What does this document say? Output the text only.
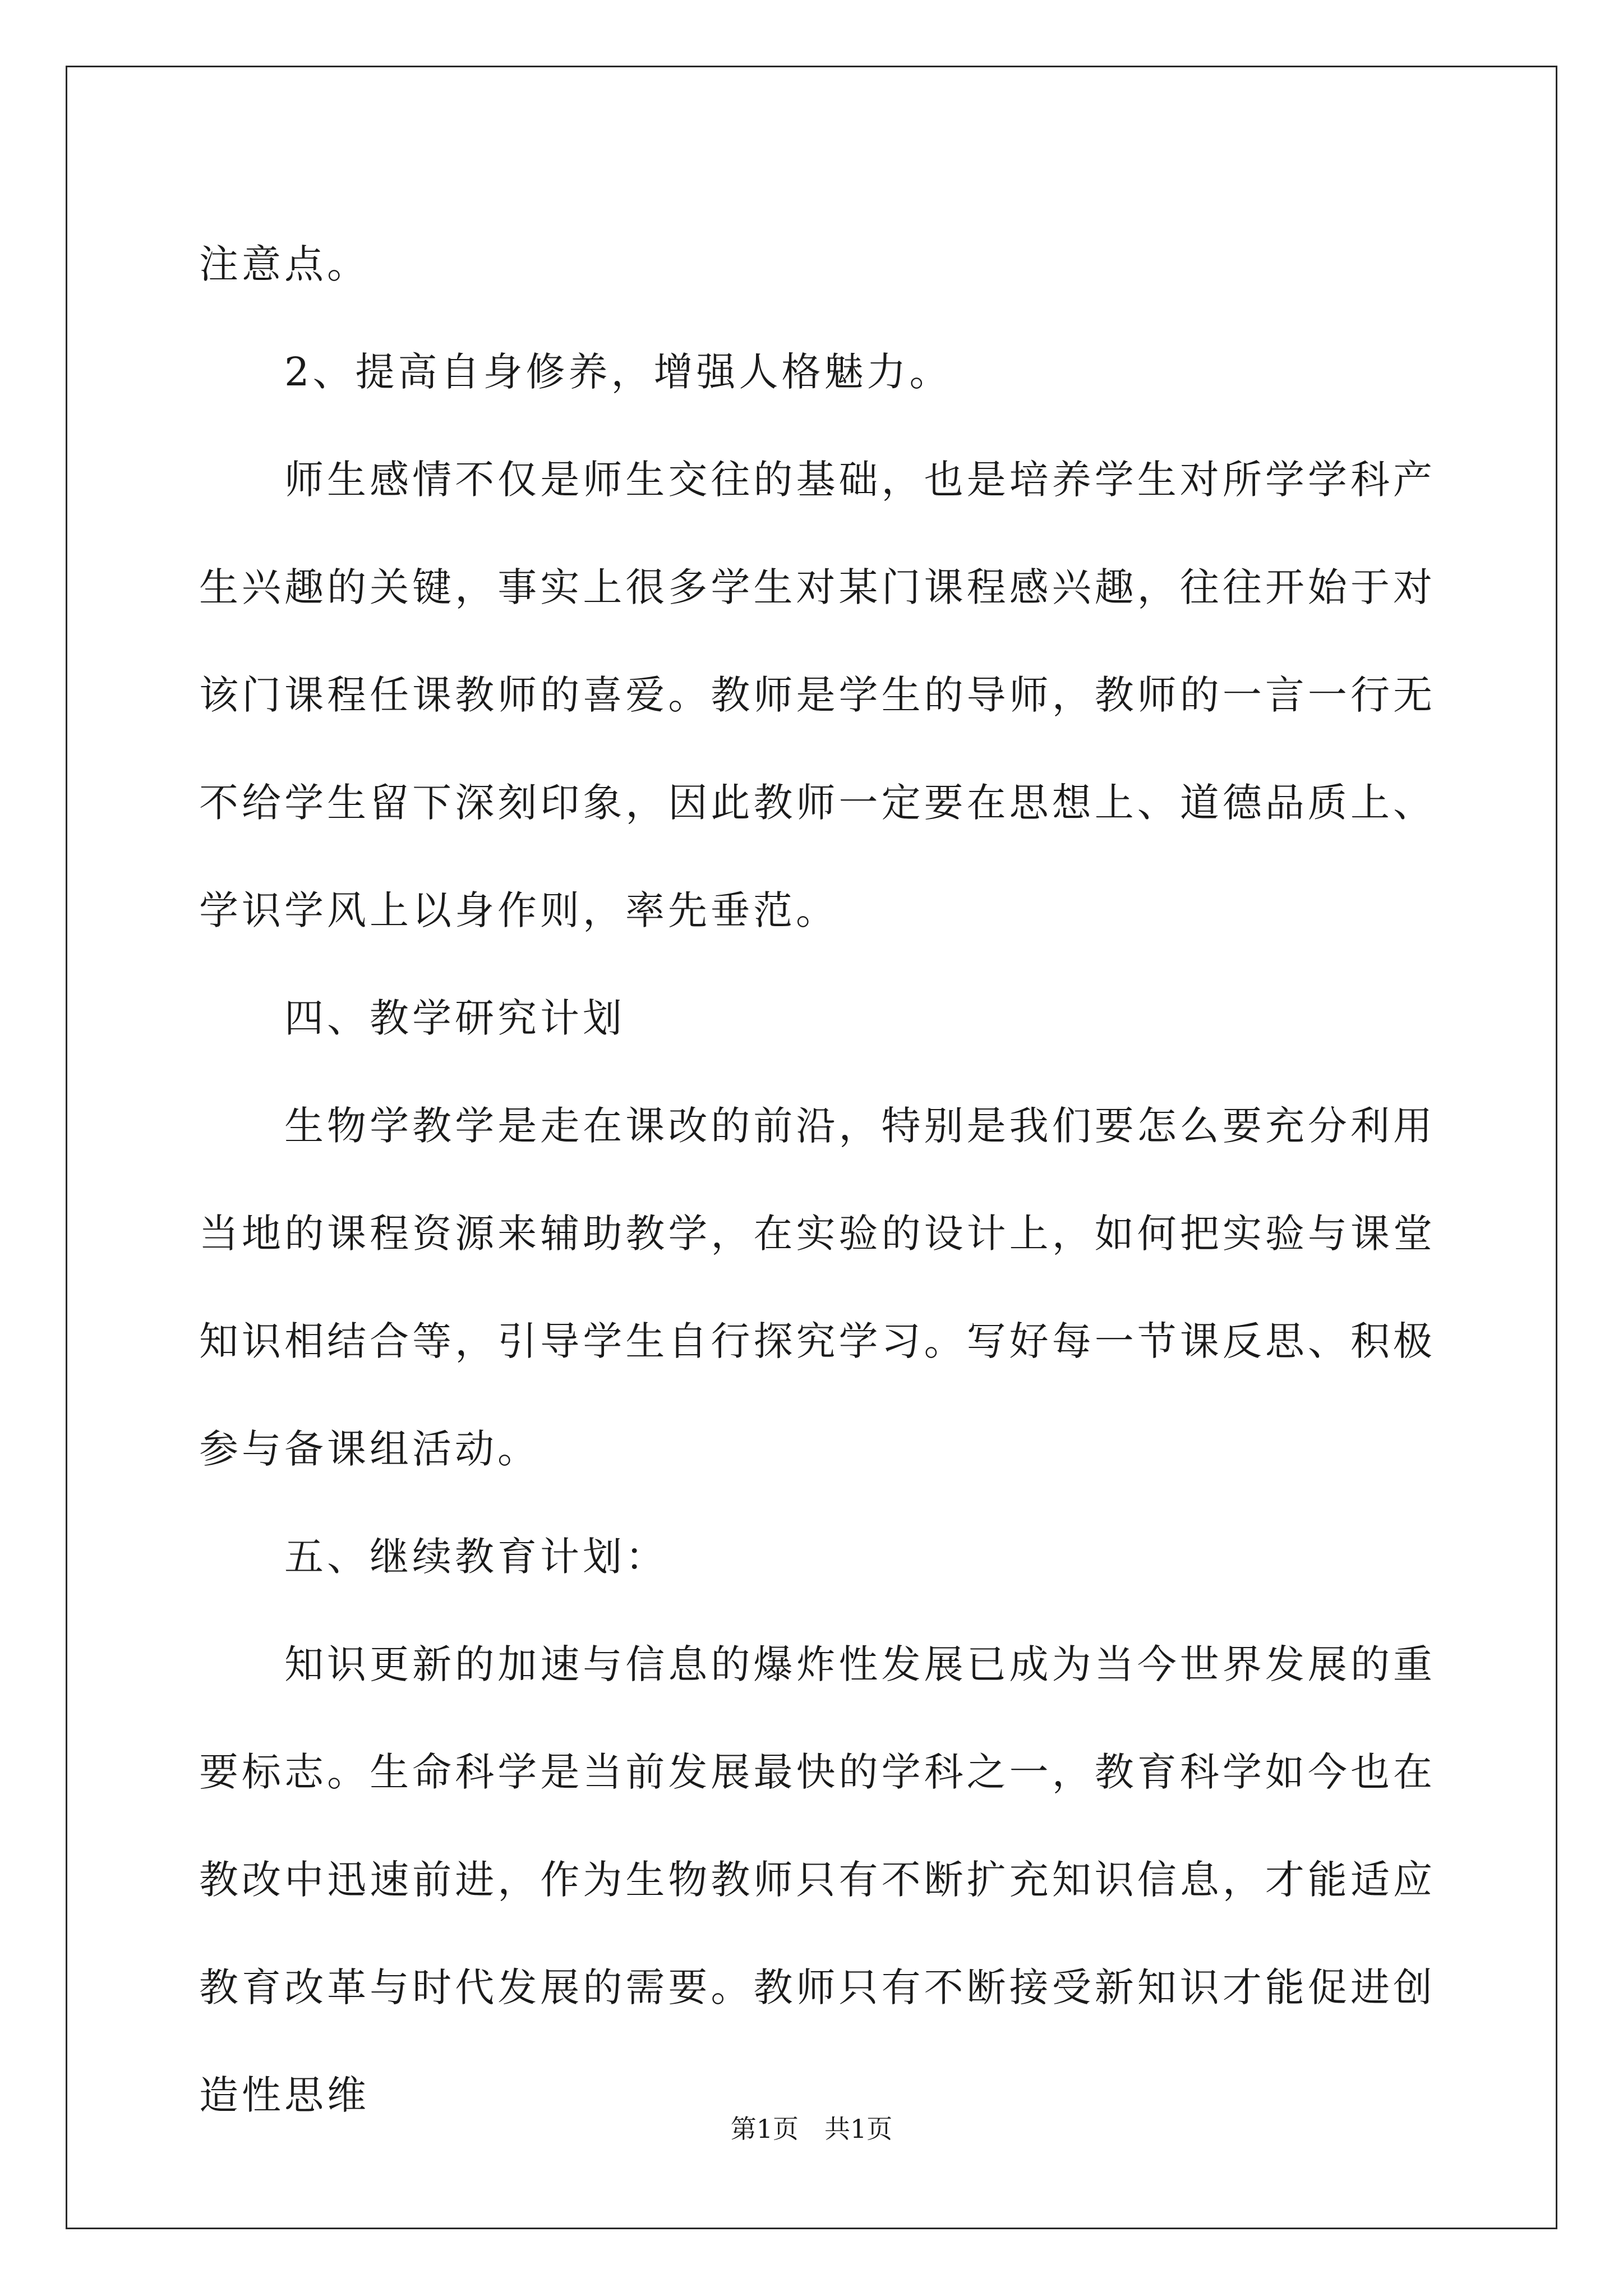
注意点。

2、提高自身修养，增强人格魅力。

师生感情不仅是师生交往的基础，也是培养学生对所学学科产生兴趣的关键，事实上很多学生对某门课程感兴趣，往往开始于对该门课程任课教师的喜爱。教师是学生的导师，教师的一言一行无不给学生留下深刻印象，因此教师一定要在思想上、道德品质上、学识学风上以身作则，率先垂范。

四、教学研究计划

生物学教学是走在课改的前沿，特别是我们要怎么要充分利用当地的课程资源来辅助教学，在实验的设计上，如何把实验与课堂知识相结合等，引导学生自行探究学习。写好每一节课反思、积极参与备课组活动。

五、继续教育计划：

知识更新的加速与信息的爆炸性发展已成为当今世界发展的重要标志。生命科学是当前发展最快的学科之一，教育科学如今也在教改中迅速前进，作为生物教师只有不断扩充知识信息，才能适应教育改革与时代发展的需要。教师只有不断接受新知识才能促进创造性思维

第1页 共1页
